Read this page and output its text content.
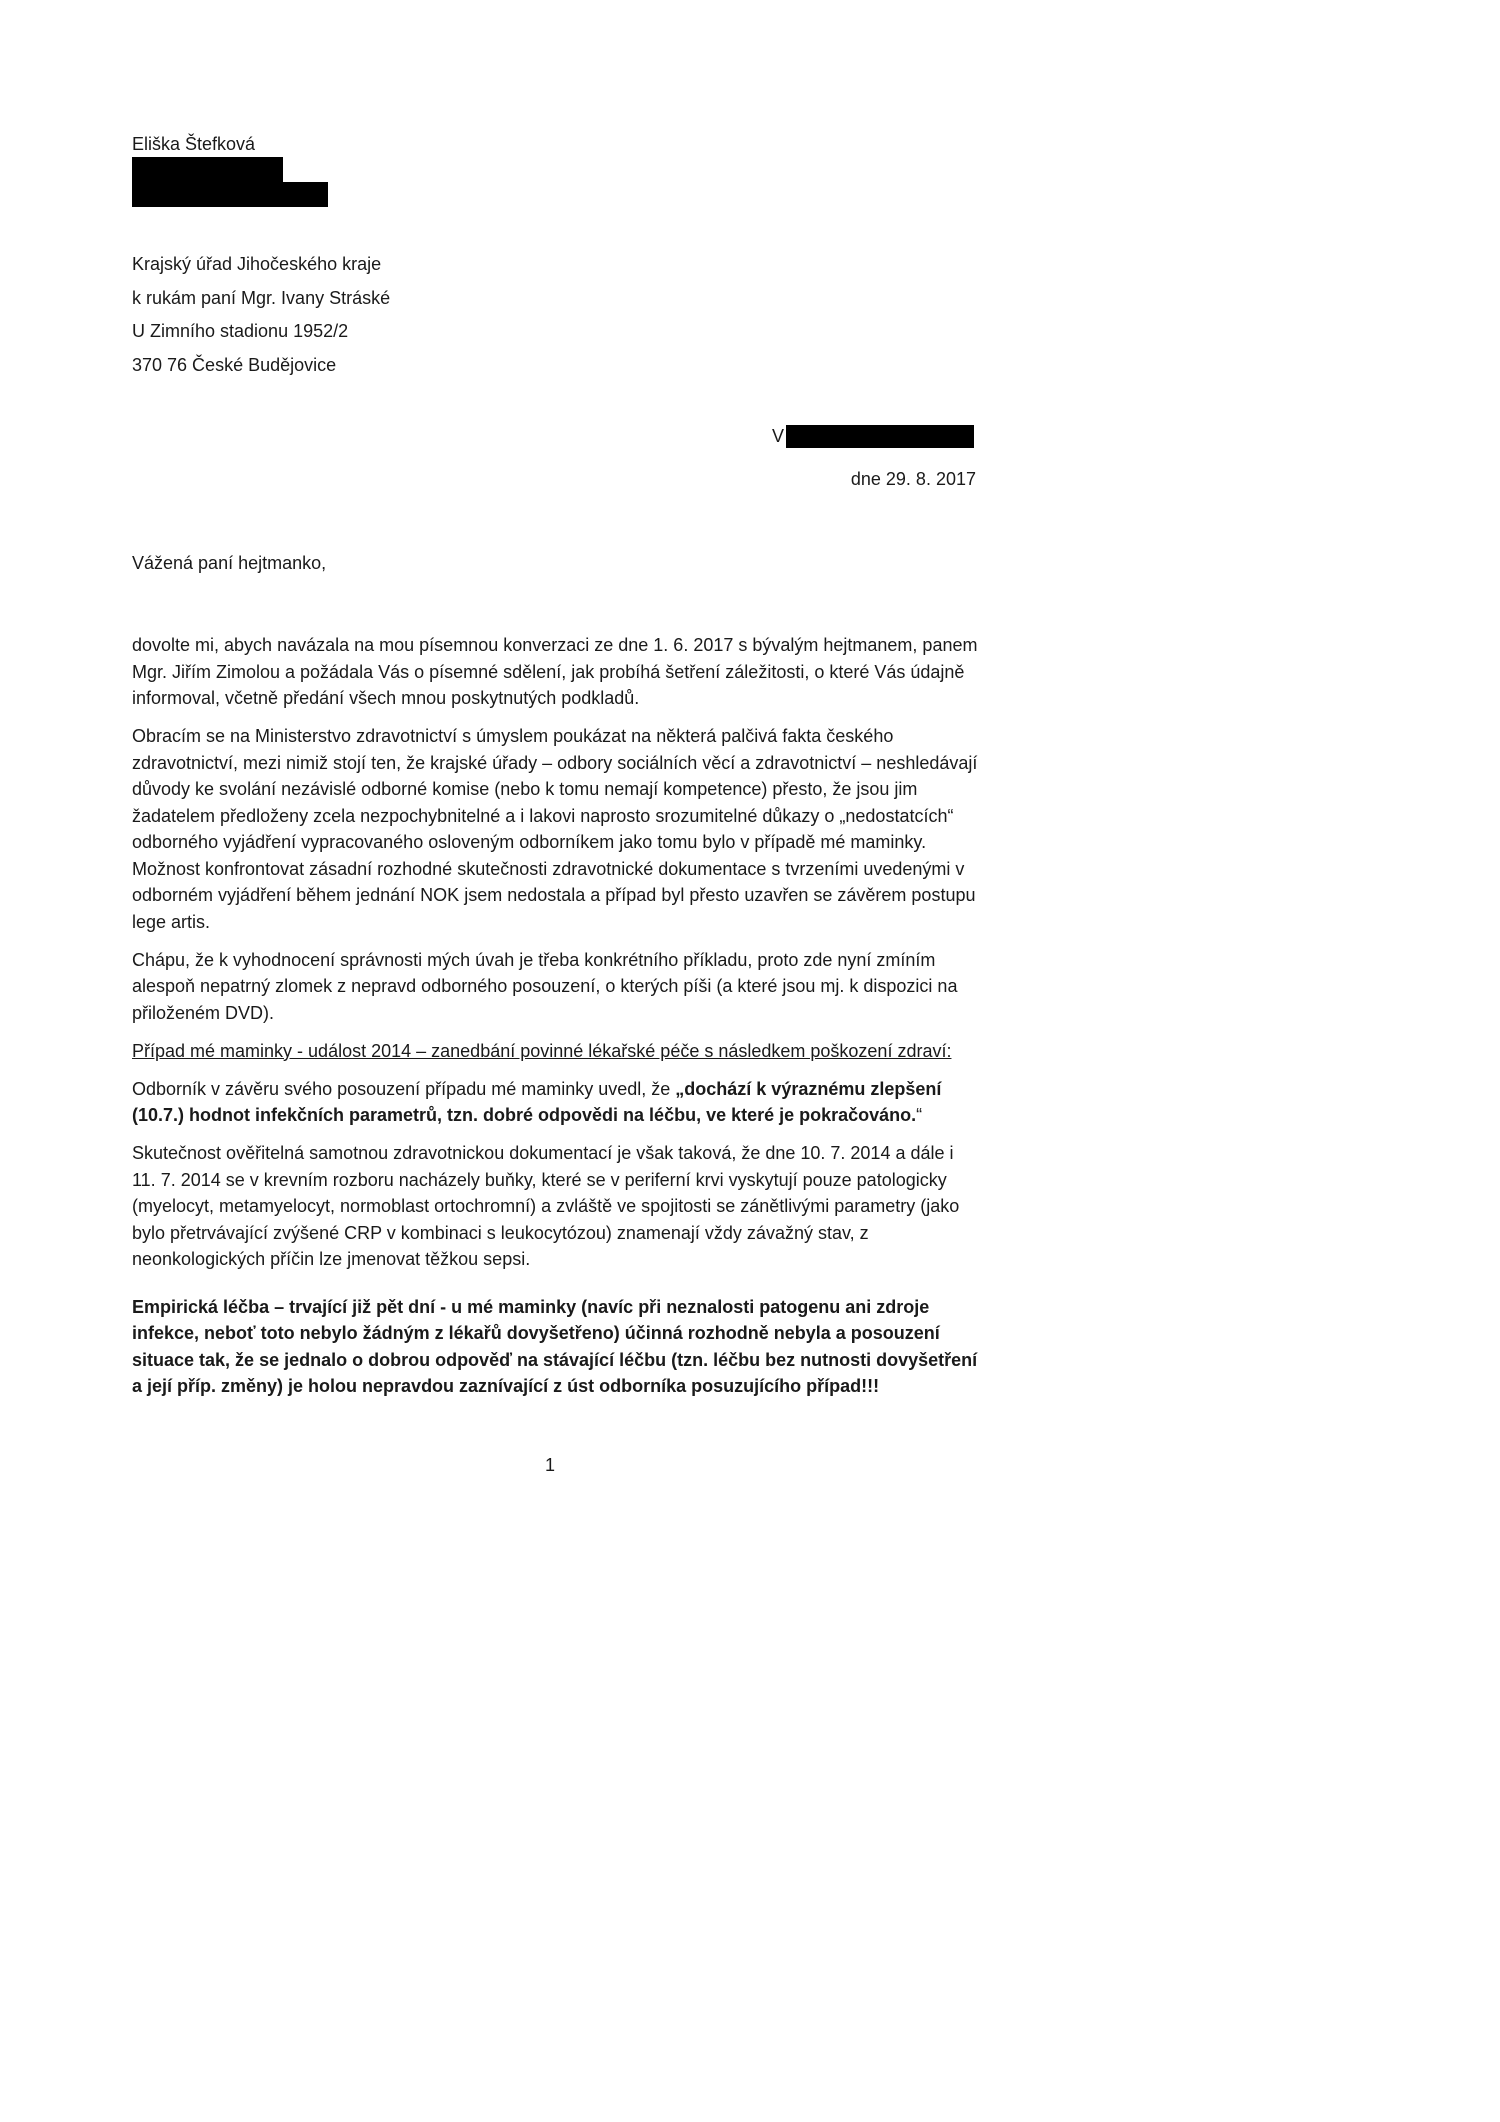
Eliška Štefková
Krajský úřad Jihočeského kraje
k rukám paní Mgr. Ivany Stráské
U Zimního stadionu 1952/2
370 76 České Budějovice
V
dne 29. 8. 2017
Vážená paní hejtmanko,

dovolte mi, abych navázala na mou písemnou konverzaci ze dne 1. 6. 2017 s bývalým hejtmanem, panem Mgr. Jiřím Zimolou a požádala Vás o písemné sdělení, jak probíhá šetření záležitosti, o které Vás údajně informoval, včetně předání všech mnou poskytnutých podkladů.

Obracím se na Ministerstvo zdravotnictví s úmyslem poukázat na některá palčivá fakta českého zdravotnictví, mezi nimiž stojí ten, že krajské úřady – odbory sociálních věcí a zdravotnictví – neshledávají důvody ke svolání nezávislé odborné komise (nebo k tomu nemají kompetence) přesto, že jsou jim žadatelem předloženy zcela nezpochybnitelné a i lakovi naprosto srozumitelné důkazy o „nedostatcích“ odborného vyjádření vypracovaného osloveným odborníkem jako tomu bylo v případě mé maminky. Možnost konfrontovat zásadní rozhodné skutečnosti zdravotnické dokumentace s tvrzeními uvedenými v odborném vyjádření během jednání NOK jsem nedostala a případ byl přesto uzavřen se závěrem postupu lege artis.

Chápu, že k vyhodnocení správnosti mých úvah je třeba konkrétního příkladu, proto zde nyní zmíním alespoň nepatrný zlomek z nepravd odborného posouzení, o kterých píši (a které jsou mj. k dispozici na přiloženém DVD).

Případ mé maminky - událost 2014 – zanedbání povinné lékařské péče s následkem poškození zdraví:

Odborník v závěru svého posouzení případu mé maminky uvedl, že „dochází k výraznému zlepšení (10.7.) hodnot infekčních parametrů, tzn. dobré odpovědi na léčbu, ve které je pokračováno.“

Skutečnost ověřitelná samotnou zdravotnickou dokumentací je však taková, že dne 10. 7. 2014 a dále i 11. 7. 2014 se v krevním rozboru nacházely buňky, které se v periferní krvi vyskytují pouze patologicky (myelocyt, metamyelocyt, normoblast ortochromní) a zvláště ve spojitosti se zánětlivými parametry (jako bylo přetrvávající zvýšené CRP v kombinaci s leukocytózou) znamenají vždy závažný stav, z neonkologických příčin lze jmenovat těžkou sepsi.

Empirická léčba – trvající již pět dní - u mé maminky (navíc při neznalosti patogenu ani zdroje infekce, neboť toto nebylo žádným z lékařů dovyšetřeno) účinná rozhodně nebyla a posouzení situace tak, že se jednalo o dobrou odpověď na stávající léčbu (tzn. léčbu bez nutnosti dovyšetření a její příp. změny) je holou nepravdou zaznívající z úst odborníka posuzujícího případ!!!

1
